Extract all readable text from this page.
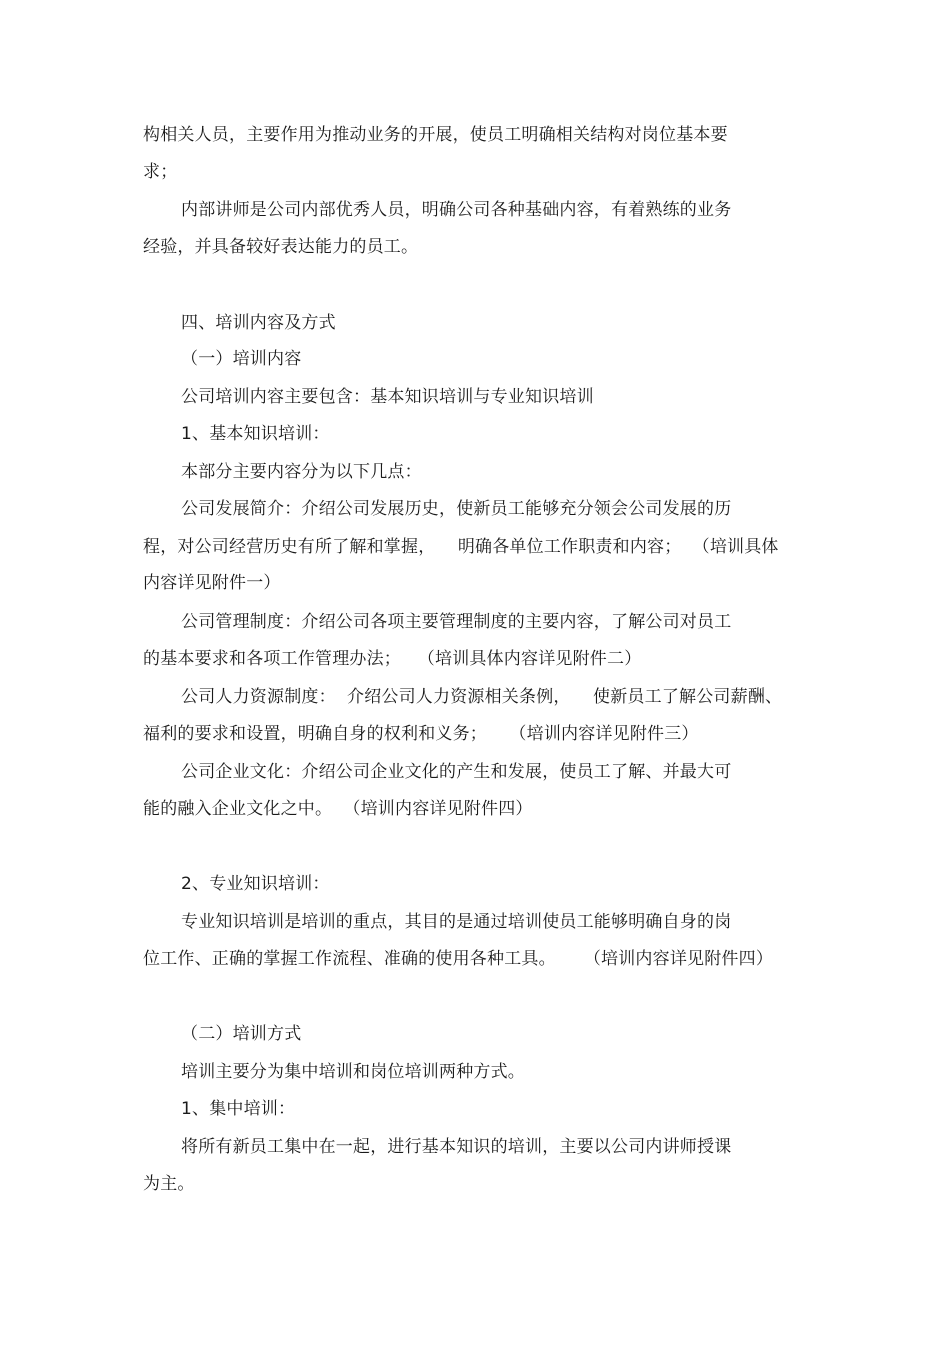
构相关人员，主要作用为推动业务的开展，使员工明确相关结构对岗位基本要
求；
内部讲师是公司内部优秀人员，明确公司各种基础内容，有着熟练的业务
经验，并具备较好表达能力的员工。
四、培训内容及方式
（一）培训内容
公司培训内容主要包含：基本知识培训与专业知识培训
1、基本知识培训：
本部分主要内容分为以下几点：
公司发展简介：介绍公司发展历史，使新员工能够充分领会公司发展的历
程，对公司经营历史有所了解和掌握，    明确各单位工作职责和内容；  （培训具体
内容详见附件一）
公司管理制度：介绍公司各项主要管理制度的主要内容，了解公司对员工
的基本要求和各项工作管理办法；   （培训具体内容详见附件二）
公司人力资源制度：  介绍公司人力资源相关条例，    使新员工了解公司薪酬、
福利的要求和设置，明确自身的权利和义务；    （培训内容详见附件三）
公司企业文化：介绍公司企业文化的产生和发展，使员工了解、并最大可
能的融入企业文化之中。  （培训内容详见附件四）
2、专业知识培训：
专业知识培训是培训的重点，其目的是通过培训使员工能够明确自身的岗
位工作、正确的掌握工作流程、准确的使用各种工具。     （培训内容详见附件四）
（二）培训方式
培训主要分为集中培训和岗位培训两种方式。
1、集中培训：
将所有新员工集中在一起，进行基本知识的培训，主要以公司内讲师授课
为主。
